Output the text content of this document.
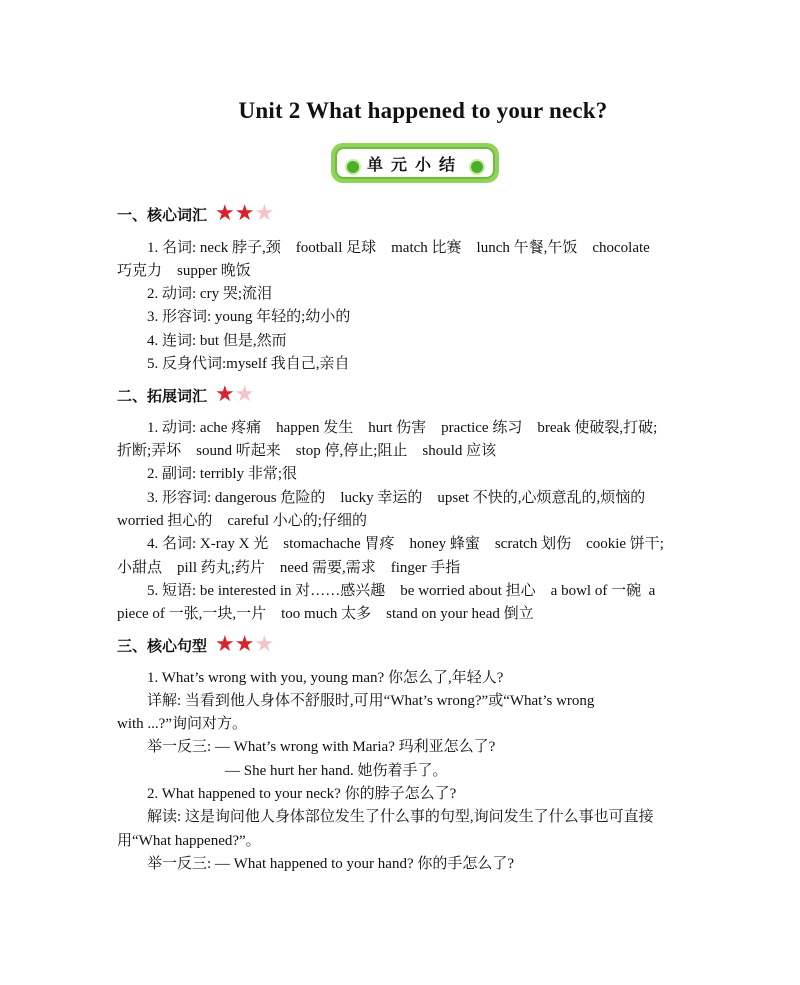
Unit 2 What happened to your neck?
单元小结
一、核心词汇 ★ ★ ★
1. 名词: neck 脖子,颈    football 足球    match 比赛    lunch 午餐,午饭    chocolate
巧克力    supper 晚饭
2. 动词: cry 哭;流泪
3. 形容词: young 年轻的;幼小的
4. 连词: but 但是,然而
5. 反身代词:myself 我自己,亲自
二、拓展词汇 ★ ★
1. 动词: ache 疼痛    happen 发生    hurt 伤害    practice 练习    break 使破裂,打破;
折断;弄坏    sound 听起来    stop 停,停止;阻止    should 应该
2. 副词: terribly 非常;很
3. 形容词: dangerous 危险的    lucky 幸运的    upset 不快的,心烦意乱的,烦恼的
worried 担心的    careful 小心的;仔细的
4. 名词: X-ray X 光    stomachache 胃疼    honey 蜂蜜    scratch 划伤    cookie 饼干;
小甜点    pill 药丸;药片    need 需要,需求    finger 手指
5. 短语: be interested in 对……感兴趣    be worried about 担心    a bowl of 一碗  a
piece of 一张,一块,一片    too much 太多    stand on your head 倒立
三、核心句型 ★ ★ ★
1. What’s wrong with you, young man? 你怎么了,年轻人?
详解: 当看到他人身体不舒服时,可用“What’s wrong?”或“What’s wrong
with ...?”询问对方。
举一反三: — What’s wrong with Maria? 玛利亚怎么了?
— She hurt her hand. 她伤着手了。
2. What happened to your neck? 你的脖子怎么了?
解读: 这是询问他人身体部位发生了什么事的句型,询问发生了什么事也可直接
用“What happened?”。
举一反三: — What happened to your hand? 你的手怎么了?
